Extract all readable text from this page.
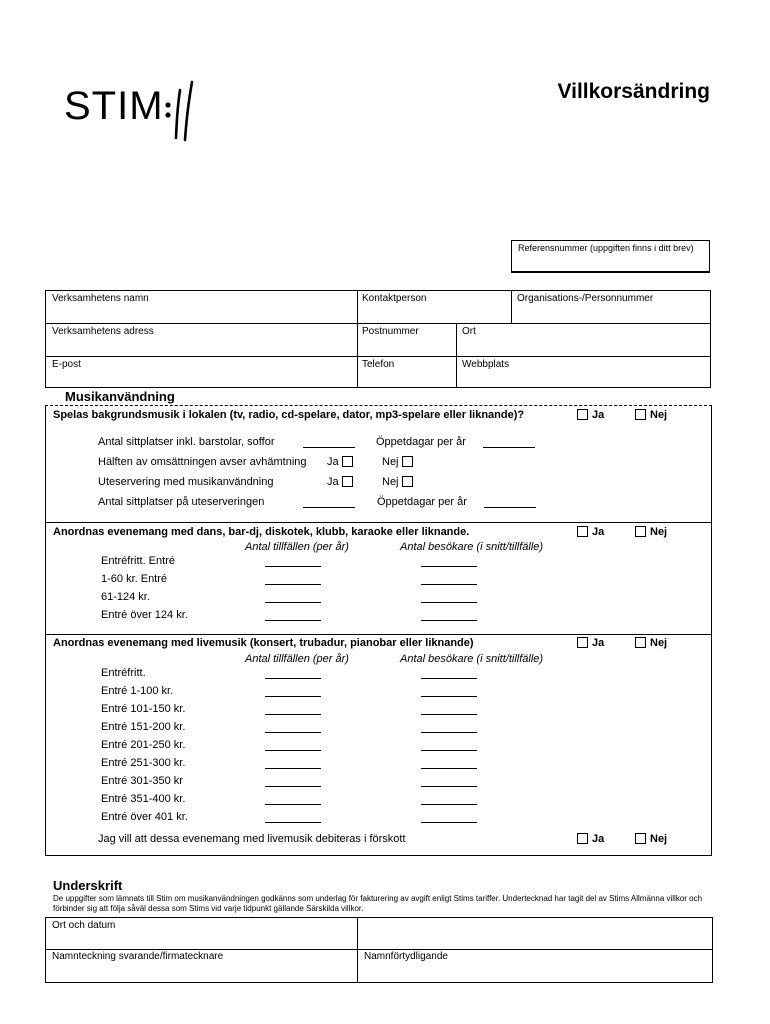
STIM	Villkorsändring
Referensnummer (uppgiften finns i ditt brev)
Verksamhetens namn	Kontaktperson	Organisations-/Personnummer
Verksamhetens adress	Postnummer	Ort
E-post	Telefon	Webbplats
Musikanvändning
Spelas bakgrundsmusik i lokalen (tv, radio, cd-spelare, dator, mp3-spelare eller liknande)?	Ja	Nej
Antal sittplatser inkl. barstolar, soffor	Öppetdagar per år
Hälften av omsättningen avser avhämtning Ja	Nej
Uteservering med musikanvändning	Ja	Nej
Antal sittplatser på uteserveringen	Öppetdagar per år
Anordnas evenemang med dans, bar-dj, diskotek, klubb, karaoke eller liknande.	Ja	Nej
Antal tillfällen (per år)	Antal besökare (i snitt/tillfälle)
Entréfritt. Entré
1-60 kr. Entré
61-124 kr.
Entré över 124 kr.
Anordnas evenemang med livemusik (konsert, trubadur, pianobar eller liknande)	Ja	Nej
Antal tillfällen (per år)	Antal besökare (i snitt/tillfälle)
Entréfritt.
Entré 1-100 kr.
Entré 101-150 kr.
Entré 151-200 kr.
Entré 201-250 kr.
Entré 251-300 kr.
Entré 301-350 kr
Entré 351-400 kr.
Entré över 401 kr.
Jag vill att dessa evenemang med livemusik debiteras i förskott	Ja	Nej
Underskrift
De uppgifter som lämnats till Stim om musikanvändningen godkänns som underlag för fakturering av avgift enligt Stims tariffer. Undertecknad har tagit del av Stims Allmänna villkor och förbinder sig att följa såväl dessa som Stims vid varje tidpunkt gällande Särskilda villkor.
Ort och datum
Namnteckning svarande/firmatecknare	Namnförtydligande
